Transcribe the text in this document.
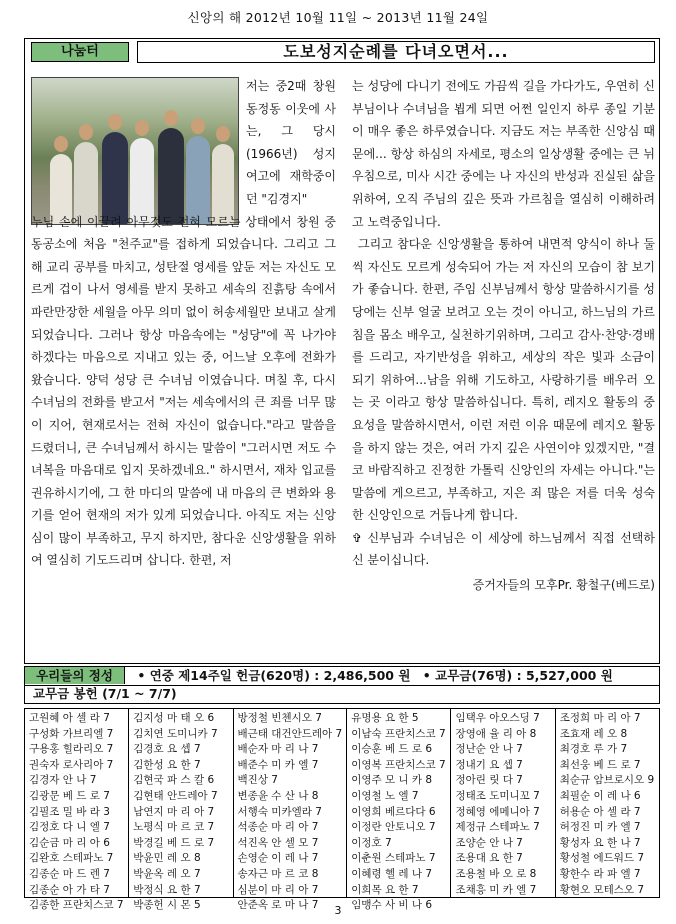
신앙의 해 2012년 10월 11일 ~ 2013년 11월 24일
나눔터	도보성지순례를 다녀오면서...
저는 중2때 창원 동정동 이웃에 사는, 그 당시(1966년) 성지여고에 재학중이던 "김경지"

누님 손에 이끌려 아무것도 전혀 모르는 상태에서 창원 중동공소에 처음 "천주교"를 접하게 되었습니다. 그리고 그 해 교리 공부를 마치고, 성탄절 영세를 앞둔 저는 자신도 모르게 겁이 나서 영세를 받지 못하고 세속의 진흙탕 속에서 파란만장한 세월을 아무 의미 없이 허송세월만 보내고 살게 되었습니다. 그러나 항상 마음속에는 "성당"에 꼭 나가야 하겠다는 마음으로 지내고 있는 중, 어느날 오후에 전화가 왔습니다. 양덕 성당 큰 수녀님 이였습니다. 며칠 후, 다시 수녀님의 전화를 받고서 "저는 세속에서의 큰 죄를 너무 많이 지어, 현재로서는 전혀 자신이 없습니다."라고 말씀을 드렸더니, 큰 수녀님께서 하시는 말씀이 "그러시면 저도 수녀복을 마음대로 입지 못하겠네요." 하시면서, 재차 입교를 권유하시기에, 그 한 마디의 말씀에 내 마음의 큰 변화와 용기를 얻어 현재의 저가 있게 되었습니다. 아직도 저는 신앙심이 많이 부족하고, 무지 하지만, 참다운 신앙생활을 위하여 열심히 기도드리며 삽니다. 한편, 저

는 성당에 다니기 전에도 가끔씩 길을 가다가도, 우연히 신부님이나 수녀님을 뵙게 되면 어쩐 일인지 하루 종일 기분이 매우 좋은 하루였습니다. 지금도 저는 부족한 신앙심 때문에... 항상 하심의 자세로, 평소의 일상생활 중에는 큰 뉘우침으로, 미사 시간 중에는 나 자신의 반성과 진실된 삶을 위하여, 오직 주님의 깊은 뜻과 가르침을 열심히 이해하려고 노력중입니다.

그리고 참다운 신앙생활을 통하여 내면적 양식이 하나 둘씩 자신도 모르게 성숙되어 가는 저 자신의 모습이 참 보기가 좋습니다. 한편, 주임 신부님께서 항상 말씀하시기를 성당에는 신부 얼굴 보려고 오는 것이 아니고, 하느님의 가르침을 몸소 배우고, 실천하기위하며, 그리고 감사·찬양·경배를 드리고, 자기반성을 위하고, 세상의 작은 빛과 소금이 되기 위하여...남을 위해 기도하고, 사랑하기를 배우러 오는 곳 이라고 항상 말씀하십니다. 특히, 레지오 활동의 중요성을 말씀하시면서, 이런 저런 이유 때문에 레지오 활동을 하지 않는 것은, 여러 가지 깊은 사연이야 있겠지만, "결코 바람직하고 진정한 가톨릭 신앙인의 자세는 아니다."는 말씀에 게으르고, 부족하고, 지은 죄 많은 저를 더욱 성숙한 신앙인으로 거듭나게 합니다.

✞ 신부님과 수녀님은 이 세상에 하느님께서 직접 선택하신 분이십니다.

증거자들의 모후Pr. 황철구(베드로)
우리들의 정성 • 연중 제14주일 헌금(620명) : 2,486,500 원 • 교무금(76명) : 5,527,000 원
교무금 봉헌 (7/1 ~ 7/7)
고원혜 아 셀 라 7
구성화 가브리엘 7
구용홍 힐라리오 7
권숙자 로사리아 7
김경자 안 나 7
김광문 베 드 로 7
김필조 밀 바 라 3
김정호 다 니 엘 7
김순금 마 리 아 6
김완호 스테파노 7
김종순 마 드 렌 7
김종순 아 가 타 7
김종한 프란치스코 7
김지성 마 태 오 6
김치연 도미니카 7
김경호 요 셉 7
김한성 요 한 7
김현국 파 스 칼 6
김현태 안드레아 7
남연지 마 리 아 7
노평식 마 르 코 7
박경길 베 드 로 7
박윤민 레 오 8
박윤옥 레 오 7
박정식 요 한 7
박종헌 시 몬 5
방정철 빈첸시오 7
배근태 대건안드레아 7
배순자 마 리 나 7
배준수 미 카 엘 7
백진상 7
변종윤 수 산 나 8
서행숙 미카엘라 7
석종순 마 리 아 7
석진옥 안 셀 모 7
손영순 이 레 나 7
송자근 마 르 코 8
심분이 마 리 아 7
안준옥 로 마 나 7
유명용 요 한 5
이남숙 프란치스코 7
이승훈 베 드 로 6
이영복 프란치스코 7
이영주 모 니 카 8
이영철 노 엘 7
이영희 베르다다 6
이정란 안토니오 7
이정호 7
이춘원 스테파노 7
이혜령 헬 레 나 7
이희목 요 한 7
임맹수 사 비 나 6
임택우 아오스딩 7
장영애 율 리 아 8
정난순 안 나 7
정내기 요 셉 7
정아린 릿 다 7
정태조 도미니꼬 7
정혜영 에메니아 7
제정규 스테파노 7
조양순 안 나 7
조용대 요 한 7
조용철 바 오 로 8
조채흥 미 카 엘 7
조정희 마 리 아 7
조효재 레 오 8
최경호 루 가 7
최선웅 베 드 로 7
최순규 암브로시오 9
최필순 이 레 나 6
허용순 아 셀 라 7
허정진 미 카 엘 7
황성자 요 한 나 7
황성철 에드워드 7
황한수 라 파 엘 7
황현오 모테스오 7
3
